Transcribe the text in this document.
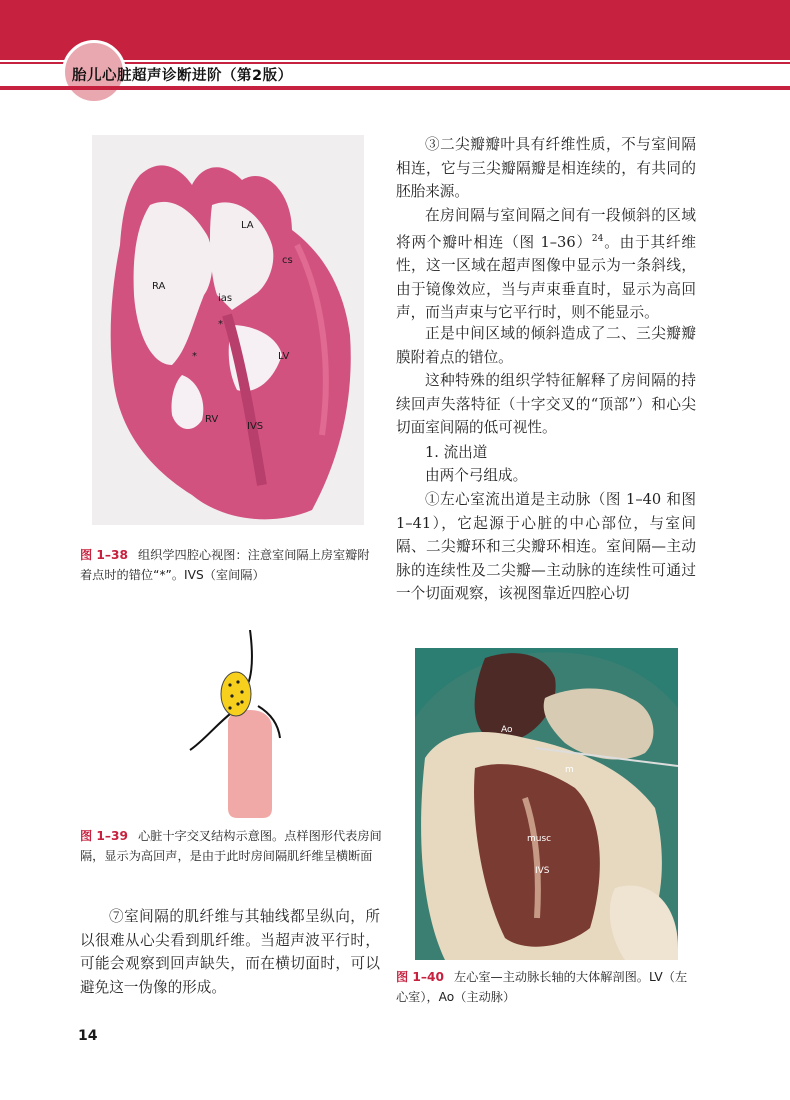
胎儿心脏超声诊断进阶（第2版）
LA
RA
cs
ias
*
*	LV
RV
IVS
图 1–38 组织学四腔心视图：注意室间隔上房室瓣附着点时的错位“*”。IVS（室间隔）
图 1–39 心脏十字交叉结构示意图。点样图形代表房间隔，显示为高回声，是由于此时房间隔肌纤维呈横断面

⑦室间隔的肌纤维与其轴线都呈纵向，所以很难从心尖看到肌纤维。当超声波平行时，可能会观察到回声缺失，而在横切面时，可以避免这一伪像的形成。

③二尖瓣瓣叶具有纤维性质，不与室间隔相连，它与三尖瓣隔瓣是相连续的，有共同的胚胎来源。

在房间隔与室间隔之间有一段倾斜的区域将两个瓣叶相连（图 1–36）$^{24}$。由于其纤维性，这一区域在超声图像中显示为一条斜线，由于镜像效应，当与声束垂直时，显示为高回声，而当声束与它平行时，则不能显示。

正是中间区域的倾斜造成了二、三尖瓣瓣膜附着点的错位。

这种特殊的组织学特征解释了房间隔的持续回声失落特征（十字交叉的“顶部”）和心尖切面室间隔的低可视性。

1. 流出道

由两个弓组成。

①左心室流出道是主动脉（图 1–40 和图 1–41），它起源于心脏的中心部位，与室间隔、二尖瓣环和三尖瓣环相连。室间隔—主动脉的连续性及二尖瓣—主动脉的连续性可通过一个切面观察，该视图靠近四腔心切

Ao
m
musc
IVS
图 1–40 左心室—主动脉长轴的大体解剖图。LV（左心室），Ao（主动脉）
14
